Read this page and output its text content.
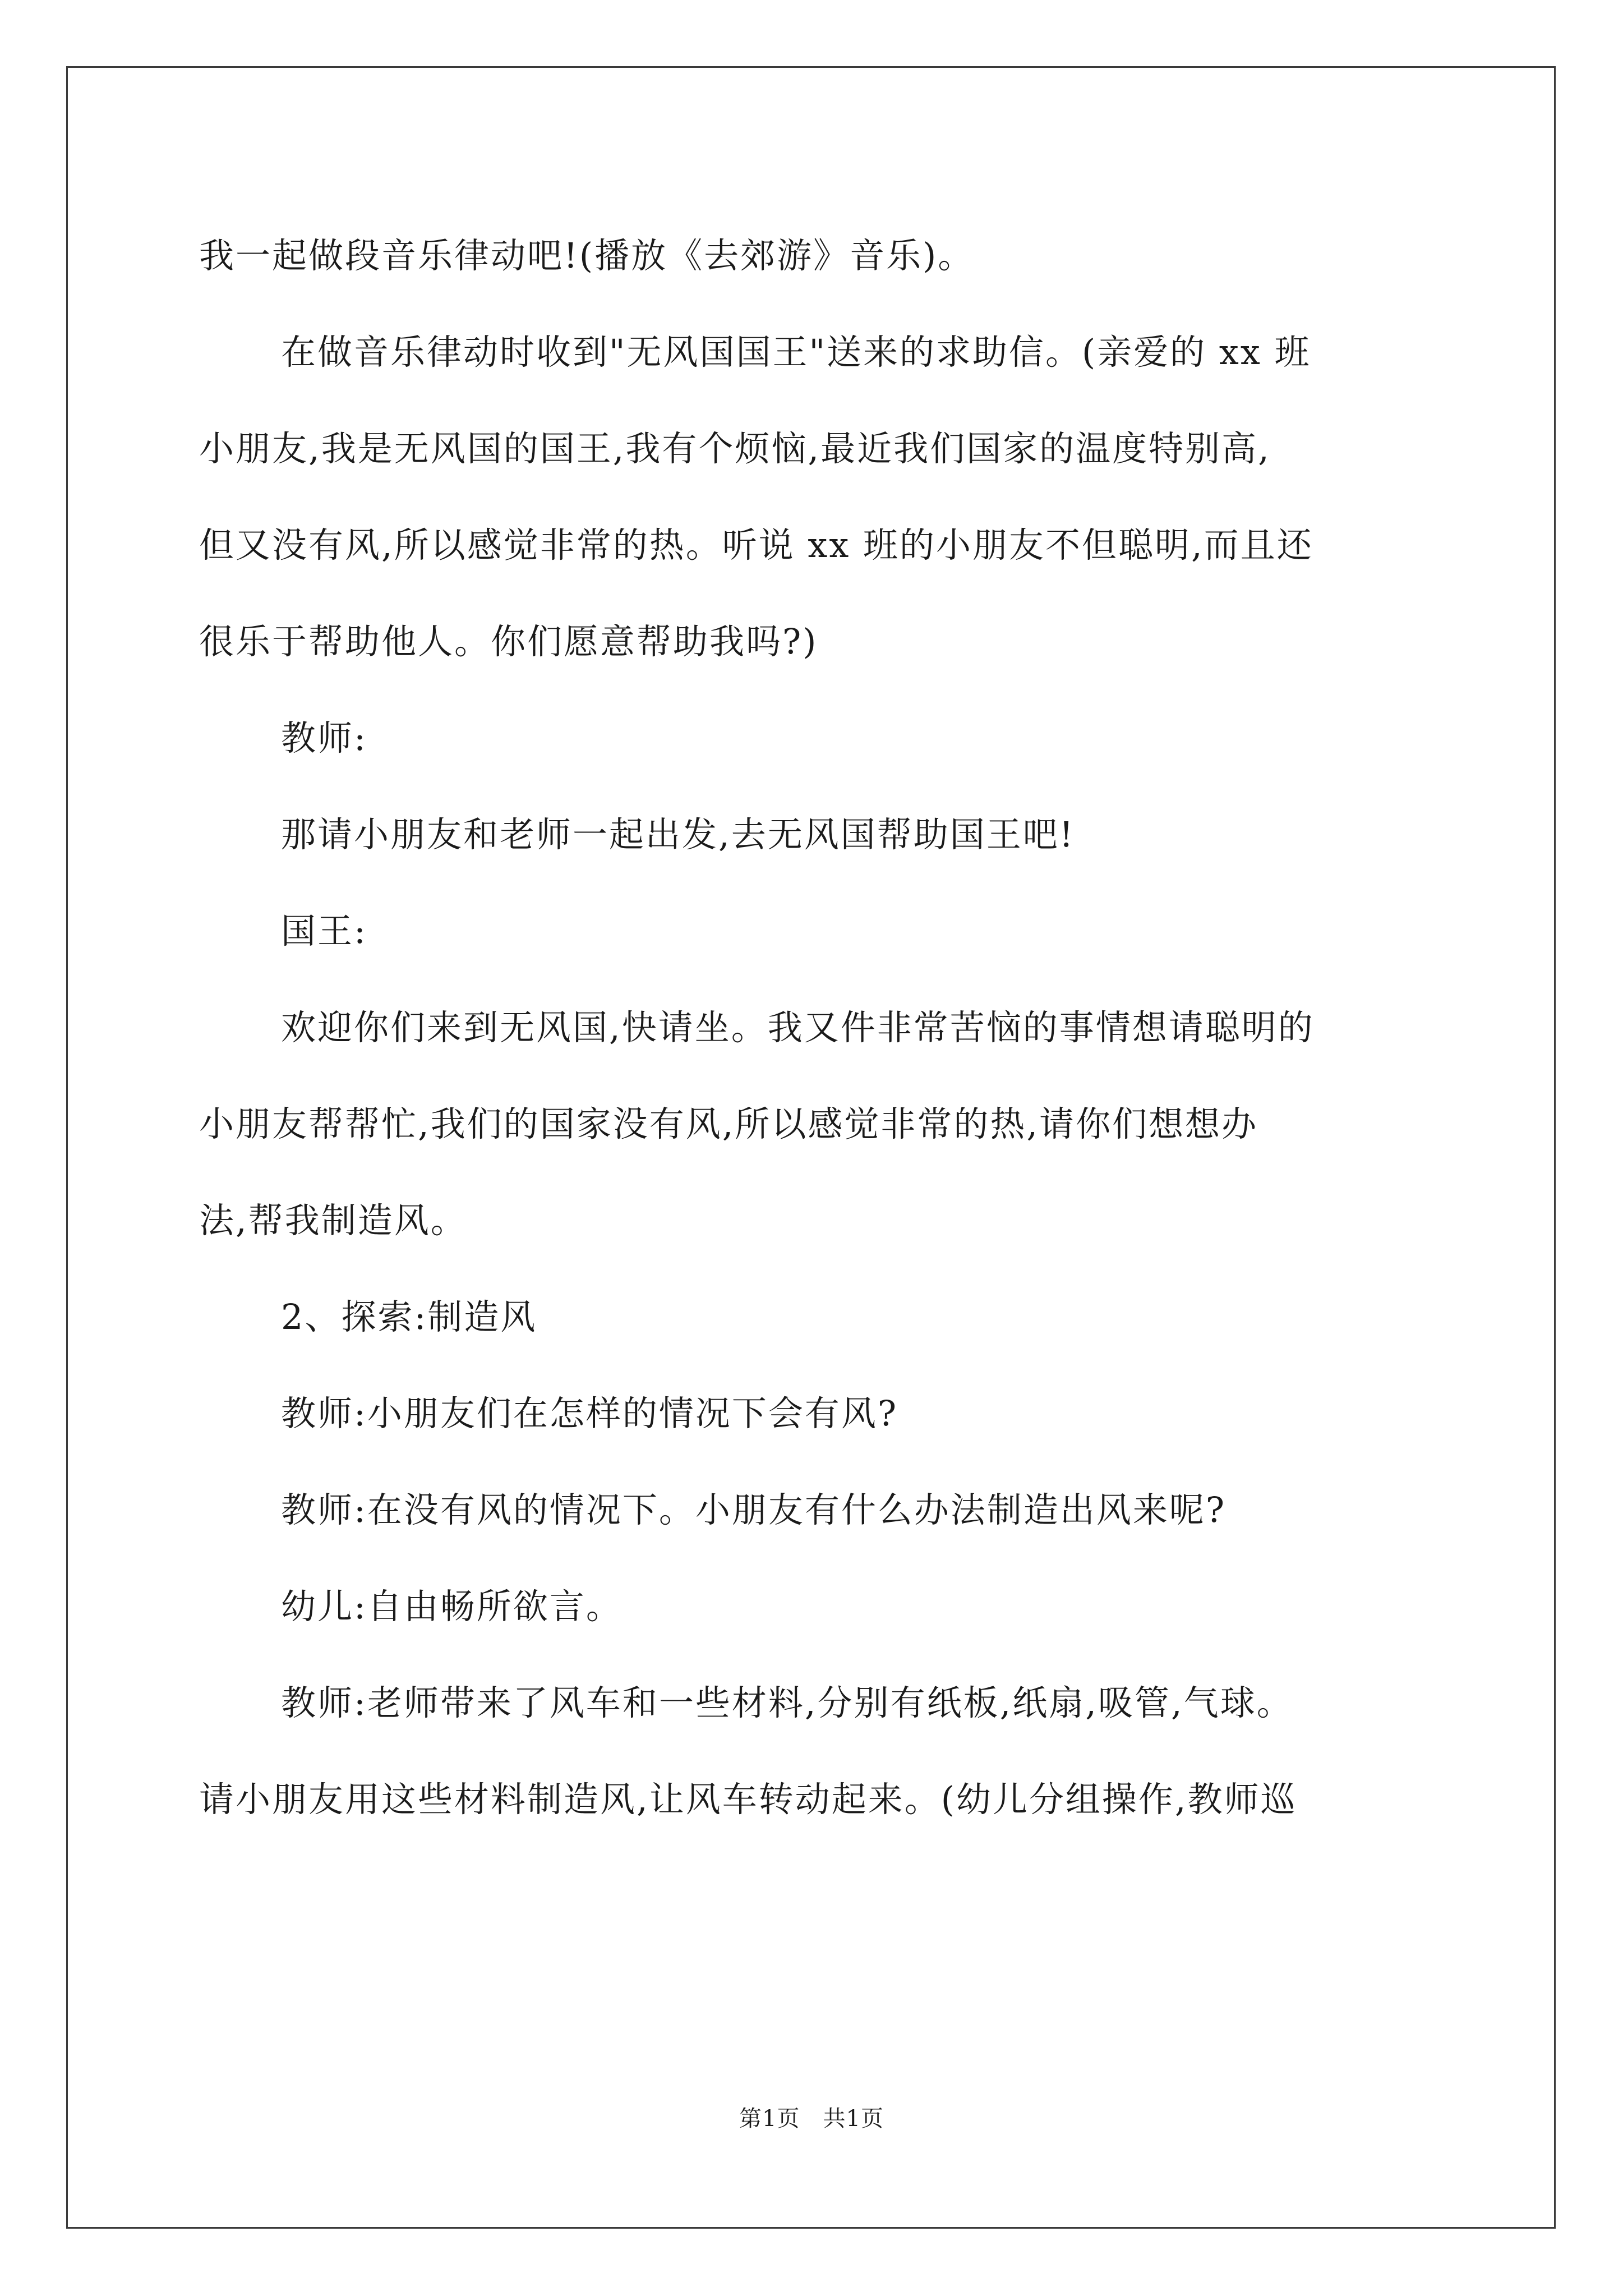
我一起做段音乐律动吧!(播放《去郊游》音乐)。
在做音乐律动时收到"无风国国王"送来的求助信。(亲爱的 xx 班
小朋友,我是无风国的国王,我有个烦恼,最近我们国家的温度特别高,
但又没有风,所以感觉非常的热。听说 xx 班的小朋友不但聪明,而且还
很乐于帮助他人。你们愿意帮助我吗?)
教师:
那请小朋友和老师一起出发,去无风国帮助国王吧!
国王:
欢迎你们来到无风国,快请坐。我又件非常苦恼的事情想请聪明的
小朋友帮帮忙,我们的国家没有风,所以感觉非常的热,请你们想想办
法,帮我制造风。
2、探索:制造风
教师:小朋友们在怎样的情况下会有风?
教师:在没有风的情况下。小朋友有什么办法制造出风来呢?
幼儿:自由畅所欲言。
教师:老师带来了风车和一些材料,分别有纸板,纸扇,吸管,气球。
请小朋友用这些材料制造风,让风车转动起来。(幼儿分组操作,教师巡
第1页　共1页
